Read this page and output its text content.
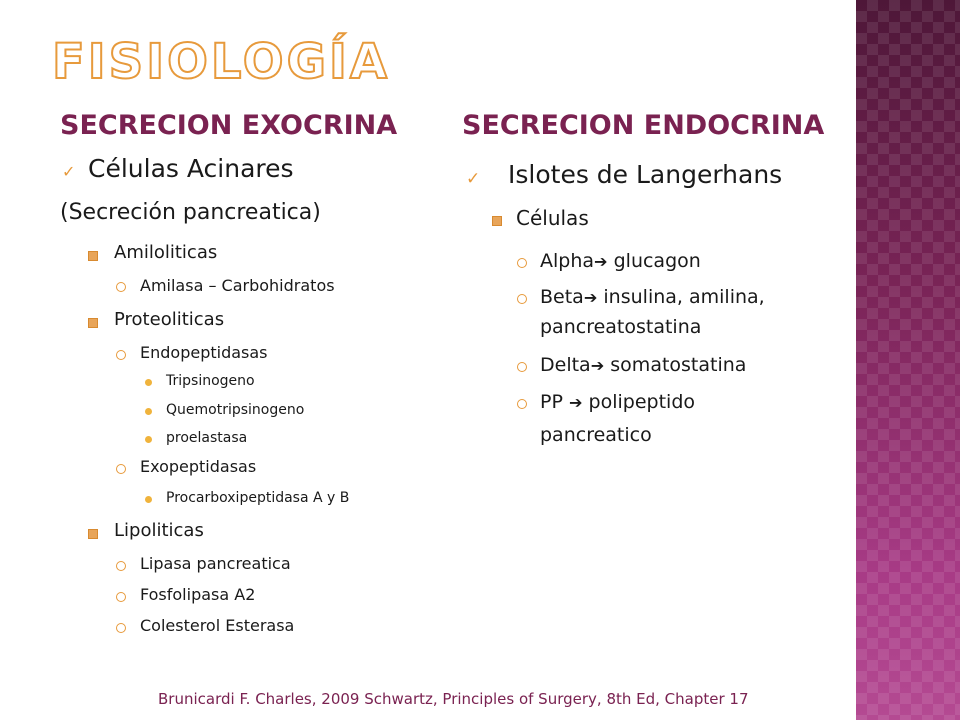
FISIOLOGÍA
SECRECION EXOCRINA
✓ Células Acinares
(Secreción pancreatica)
Amiloliticas
Amilasa – Carbohidratos
Proteoliticas
Endopeptidasas
Tripsinogeno
Quemotripsinogeno
proelastasa
Exopeptidasas
Procarboxipeptidasa A y B
Lipoliticas
Lipasa pancreatica
Fosfolipasa A2
Colesterol Esterasa
SECRECION ENDOCRINA
✓ Islotes de Langerhans
Células
Alpha➔ glucagon
Beta➔ insulina, amilina,
pancreatostatina
Delta➔ somatostatina
PP ➔ polipeptido
pancreatico
Brunicardi F. Charles, 2009 Schwartz, Principles of Surgery, 8th Ed, Chapter 17
